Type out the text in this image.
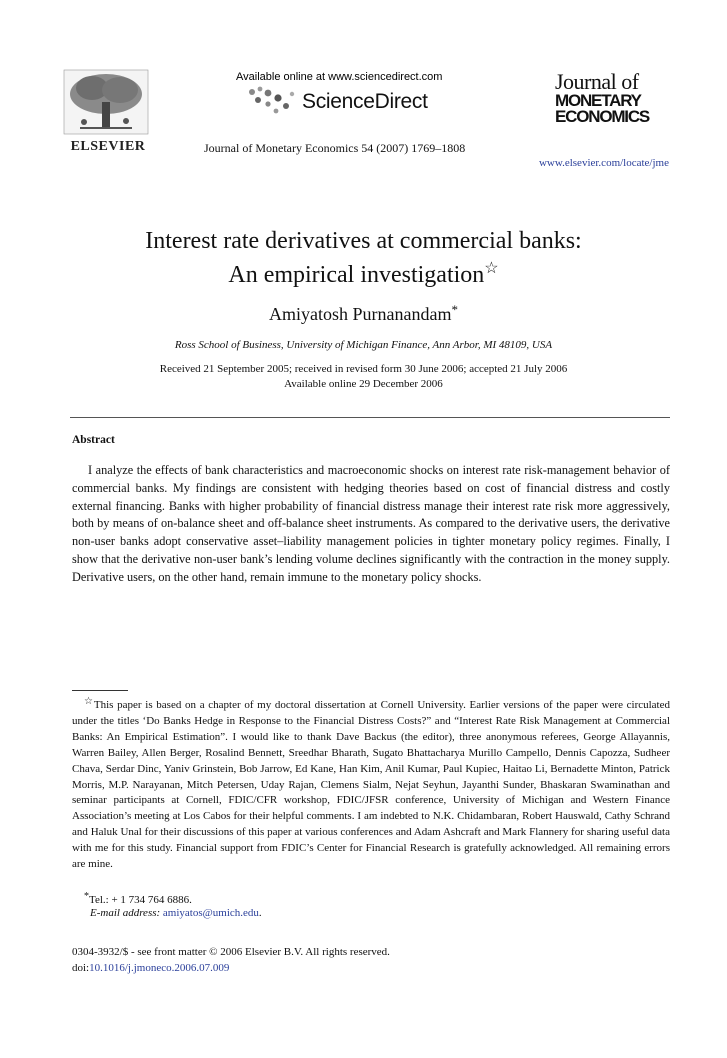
ELSEVIER
Available online at www.sciencedirect.com
ScienceDirect
Journal of Monetary Economics 54 (2007) 1769–1808
Journal of
MONETARY
ECONOMICS
www.elsevier.com/locate/jme
Interest rate derivatives at commercial banks:
An empirical investigation☆
Amiyatosh Purnanandam*
Ross School of Business, University of Michigan Finance, Ann Arbor, MI 48109, USA
Received 21 September 2005; received in revised form 30 June 2006; accepted 21 July 2006
Available online 29 December 2006
Abstract

I analyze the effects of bank characteristics and macroeconomic shocks on interest rate risk-management behavior of commercial banks. My findings are consistent with hedging theories based on cost of financial distress and costly external financing. Banks with higher probability of financial distress manage their interest rate risk more aggressively, both by means of on-balance sheet and off-balance sheet instruments. As compared to the derivative users, the derivative non-user banks adopt conservative asset–liability management policies in tighter monetary policy regimes. Finally, I show that the derivative non-user bank’s lending volume declines significantly with the contraction in the money supply. Derivative users, on the other hand, remain immune to the monetary policy shocks.

☆This paper is based on a chapter of my doctoral dissertation at Cornell University. Earlier versions of the paper were circulated under the titles ‘Do Banks Hedge in Response to the Financial Distress Costs?” and “Interest Rate Risk Management at Commercial Banks: An Empirical Estimation”. I would like to thank Dave Backus (the editor), three anonymous referees, George Allayannis, Warren Bailey, Allen Berger, Rosalind Bennett, Sreedhar Bharath, Sugato Bhattacharya Murillo Campello, Dennis Capozza, Sudheer Chava, Serdar Dinc, Yaniv Grinstein, Bob Jarrow, Ed Kane, Han Kim, Anil Kumar, Paul Kupiec, Haitao Li, Bernadette Minton, Patrick Morris, M.P. Narayanan, Mitch Petersen, Uday Rajan, Clemens Sialm, Nejat Seyhun, Jayanthi Sunder, Bhaskaran Swaminathan and seminar participants at Cornell, FDIC/CFR workshop, FDIC/JFSR conference, University of Michigan and Western Finance Association’s meeting at Los Cabos for their helpful comments. I am indebted to N.K. Chidambaran, Robert Hauswald, Cathy Schrand and Haluk Unal for their discussions of this paper at various conferences and Adam Ashcraft and Mark Flannery for sharing useful data with me for this study. Financial support from FDIC’s Center for Financial Research is gratefully acknowledged. All remaining errors are mine.

*Tel.: + 1 734 764 6886.
E-mail address: amiyatos@umich.edu.
0304-3932/$ - see front matter © 2006 Elsevier B.V. All rights reserved.
doi:10.1016/j.jmoneco.2006.07.009
